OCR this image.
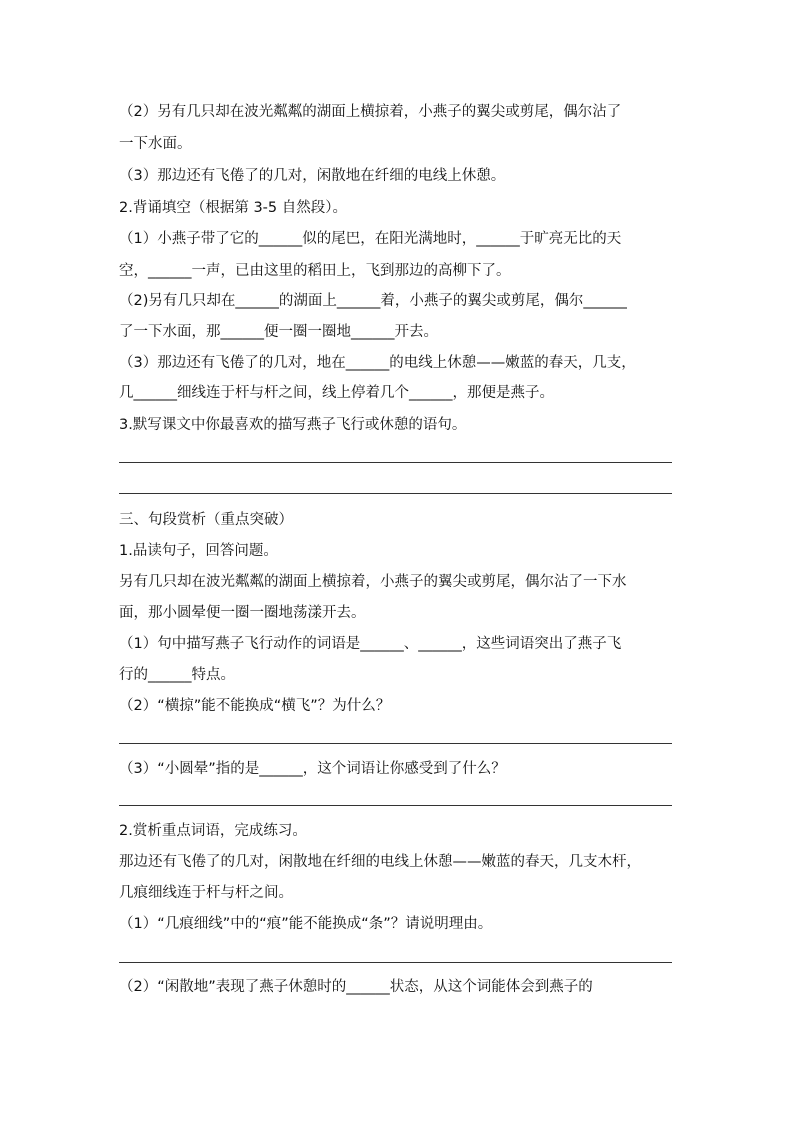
（2）另有几只却在波光粼粼的湖面上横掠着，小燕子的翼尖或剪尾，偶尔沾了
一下水面。
（3）那边还有飞倦了的几对，闲散地在纤细的电线上休憩。
2.背诵填空（根据第 3-5 自然段）。
（1）小燕子带了它的______似的尾巴，在阳光满地时，______于旷亮无比的天
空，______一声，已由这里的稻田上，飞到那边的高柳下了。
（2)另有几只却在______的湖面上______着，小燕子的翼尖或剪尾，偶尔______
了一下水面，那______便一圈一圈地______开去。
（3）那边还有飞倦了的几对，地在______的电线上休憩——嫩蓝的春天，几支，
几______细线连于杆与杆之间，线上停着几个______，那便是燕子。
3.默写课文中你最喜欢的描写燕子飞行或休憩的语句。
三、句段赏析（重点突破）
1.品读句子，回答问题。
另有几只却在波光粼粼的湖面上横掠着，小燕子的翼尖或剪尾，偶尔沾了一下水
面，那小圆晕便一圈一圈地荡漾开去。
（1）句中描写燕子飞行动作的词语是______、______，这些词语突出了燕子飞
行的______特点。
（2）“横掠”能不能换成“横飞”？为什么？
（3）“小圆晕”指的是______，这个词语让你感受到了什么？
2.赏析重点词语，完成练习。
那边还有飞倦了的几对，闲散地在纤细的电线上休憩——嫩蓝的春天，几支木杆，
几痕细线连于杆与杆之间。
（1）“几痕细线”中的“痕”能不能换成“条”？请说明理由。
（2）“闲散地”表现了燕子休憩时的______状态，从这个词能体会到燕子的
